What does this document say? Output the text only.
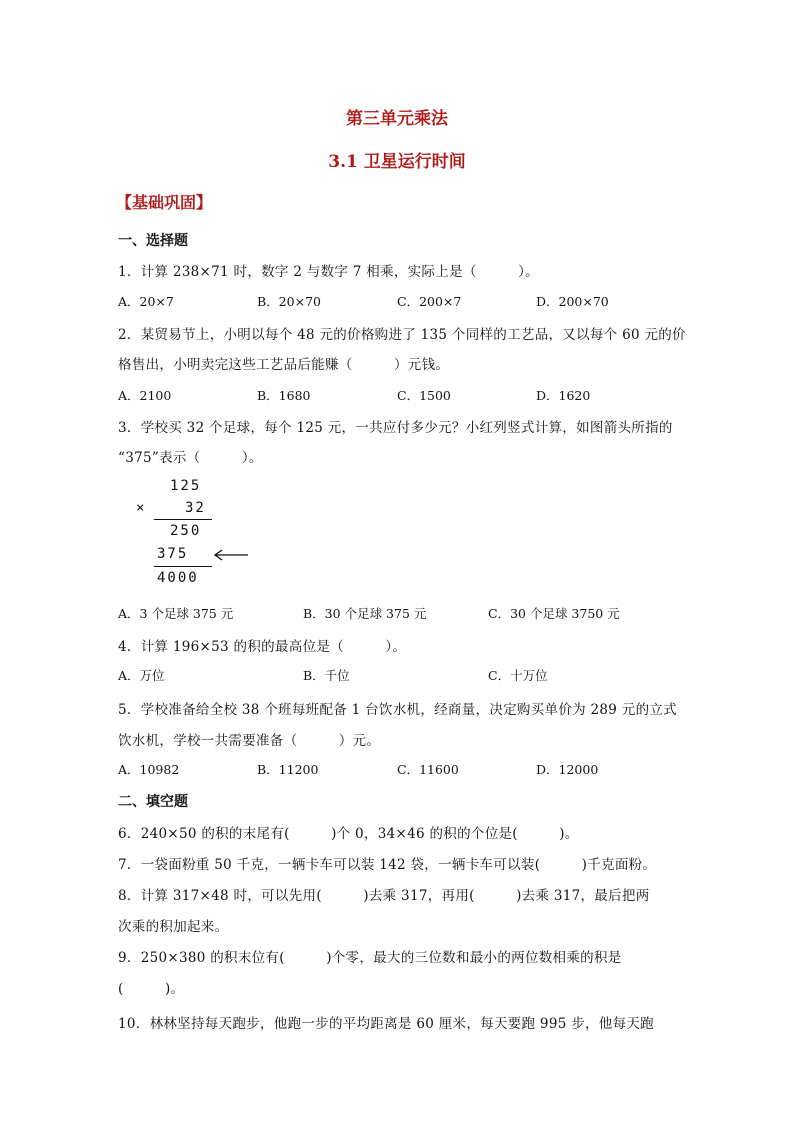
第三单元乘法
3.1 卫星运行时间
【基础巩固】
一、选择题
1．计算 238×71 时，数字 2 与数字 7 相乘，实际上是（　　　）。
A．20×7	B．20×70	C．200×7	D．200×70
2．某贸易节上，小明以每个 48 元的价格购进了 135 个同样的工艺品，又以每个 60 元的价
格售出，小明卖完这些工艺品后能赚（　　　）元钱。
A．2100	B．1680	C．1500	D．1620
3．学校买 32 个足球，每个 125 元，一共应付多少元？小红列竖式计算，如图箭头所指的
“375”表示（　　　）。
125
×	32
250
375
4000
A．3 个足球 375 元	B．30 个足球 375 元	C．30 个足球 3750 元
4．计算 196×53 的积的最高位是（　　　）。
A．万位	B．千位	C．十万位
5．学校准备给全校 38 个班每班配备 1 台饮水机，经商量，决定购买单价为 289 元的立式
饮水机，学校一共需要准备（　　　）元。
A．10982	B．11200	C．11600	D．12000
二、填空题
6．240×50 的积的末尾有(　　　)个 0，34×46 的积的个位是(　　　)。
7．一袋面粉重 50 千克，一辆卡车可以装 142 袋，一辆卡车可以装(　　　)千克面粉。
8．计算 317×48 时，可以先用(　　　)去乘 317，再用(　　　)去乘 317，最后把两
次乘的积加起来。
9．250×380 的积末位有(　　　)个零，最大的三位数和最小的两位数相乘的积是
(　　　)。
10．林林坚持每天跑步，他跑一步的平均距离是 60 厘米，每天要跑 995 步，他每天跑
